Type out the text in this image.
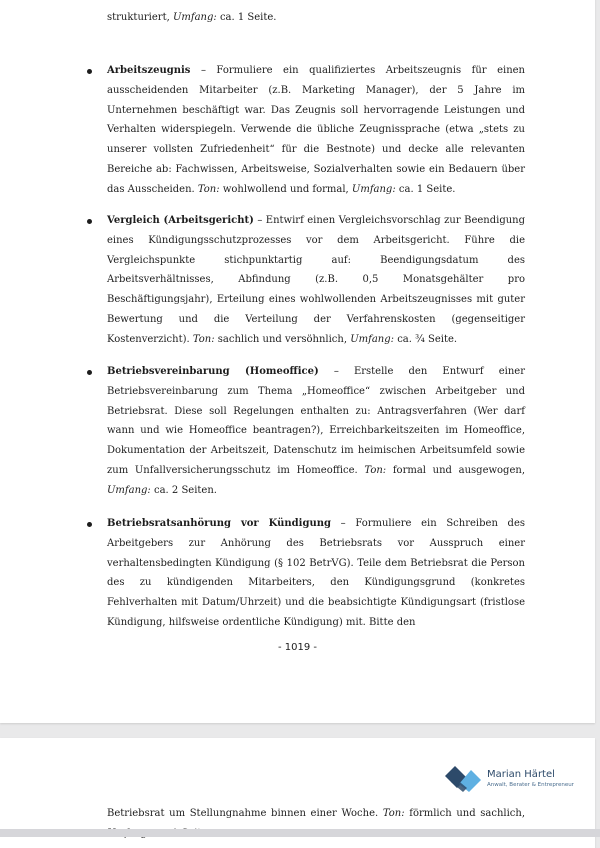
strukturiert, Umfang: ca. 1 Seite.

Arbeitszeugnis – Formuliere ein qualifiziertes Arbeitszeugnis für einen ausscheidenden Mitarbeiter (z.B. Marketing Manager), der 5 Jahre im Unternehmen beschäftigt war. Das Zeugnis soll hervorragende Leistungen und Verhalten widerspiegeln. Verwende die übliche Zeugnissprache (etwa „stets zu unserer vollsten Zufriedenheit“ für die Bestnote) und decke alle relevanten Bereiche ab: Fachwissen, Arbeitsweise, Sozialverhalten sowie ein Bedauern über das Ausscheiden. Ton: wohlwollend und formal, Umfang: ca. 1 Seite.

Vergleich (Arbeitsgericht) – Entwirf einen Vergleichsvorschlag zur Beendigung eines Kündigungsschutzprozesses vor dem Arbeitsgericht. Führe die Vergleichspunkte stichpunktartig auf: Beendigungsdatum des Arbeitsverhältnisses, Abfindung (z.B. 0,5 Monatsgehälter pro Beschäftigungsjahr), Erteilung eines wohlwollenden Arbeitszeugnisses mit guter Bewertung und die Verteilung der Verfahrenskosten (gegenseitiger Kostenverzicht). Ton: sachlich und versöhnlich, Umfang: ca. ¾ Seite.

Betriebsvereinbarung (Homeoffice) – Erstelle den Entwurf einer Betriebsvereinbarung zum Thema „Homeoffice“ zwischen Arbeitgeber und Betriebsrat. Diese soll Regelungen enthalten zu: Antragsverfahren (Wer darf wann und wie Homeoffice beantragen?), Erreichbarkeitszeiten im Homeoffice, Dokumentation der Arbeitszeit, Datenschutz im heimischen Arbeitsumfeld sowie zum Unfallversicherungsschutz im Homeoffice. Ton: formal und ausgewogen, Umfang: ca. 2 Seiten.

Betriebsratsanhörung vor Kündigung – Formuliere ein Schreiben des Arbeitgebers zur Anhörung des Betriebsrats vor Ausspruch einer verhaltensbedingten Kündigung (§ 102 BetrVG). Teile dem Betriebsrat die Person des zu kündigenden Mitarbeiters, den Kündigungsgrund (konkretes Fehlverhalten mit Datum/Uhrzeit) und die beabsichtigte Kündigungsart (fristlose Kündigung, hilfsweise ordentliche Kündigung) mit. Bitte den

- 1019 -
Marian Härtel
Anwalt, Berater & Entrepreneur

Betriebsrat um Stellungnahme binnen einer Woche. Ton: förmlich und sachlich,
